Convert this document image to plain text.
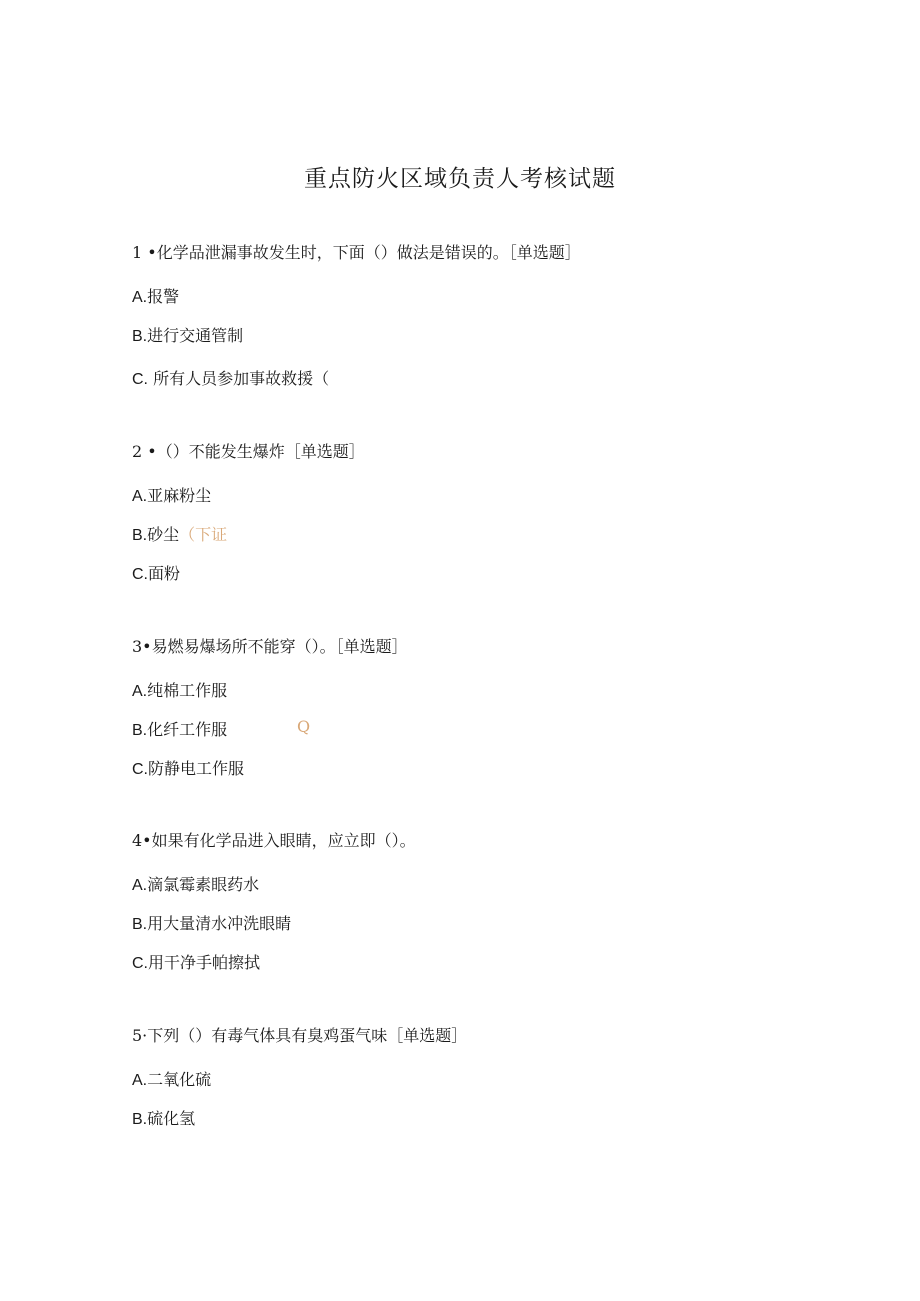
重点防火区域负责人考核试题
1 •化学品泄漏事故发生时，下面（）做法是错误的。［单选题］
A.报警
B.进行交通管制
C. 所有人员参加事故救援（
2 •（）不能发生爆炸［单选题］
A.亚麻粉尘
B.砂尘（下证
C.面粉
3•易燃易爆场所不能穿（）。［单选题］
A.纯棉工作服
B.化纤工作服	Q
C.防静电工作服
4•如果有化学品进入眼睛，应立即（）。
A.滴氯霉素眼药水
B.用大量清水冲洗眼睛
C.用干净手帕擦拭
5·下列（）有毒气体具有臭鸡蛋气味［单选题］
A.二氧化硫
B.硫化氢
